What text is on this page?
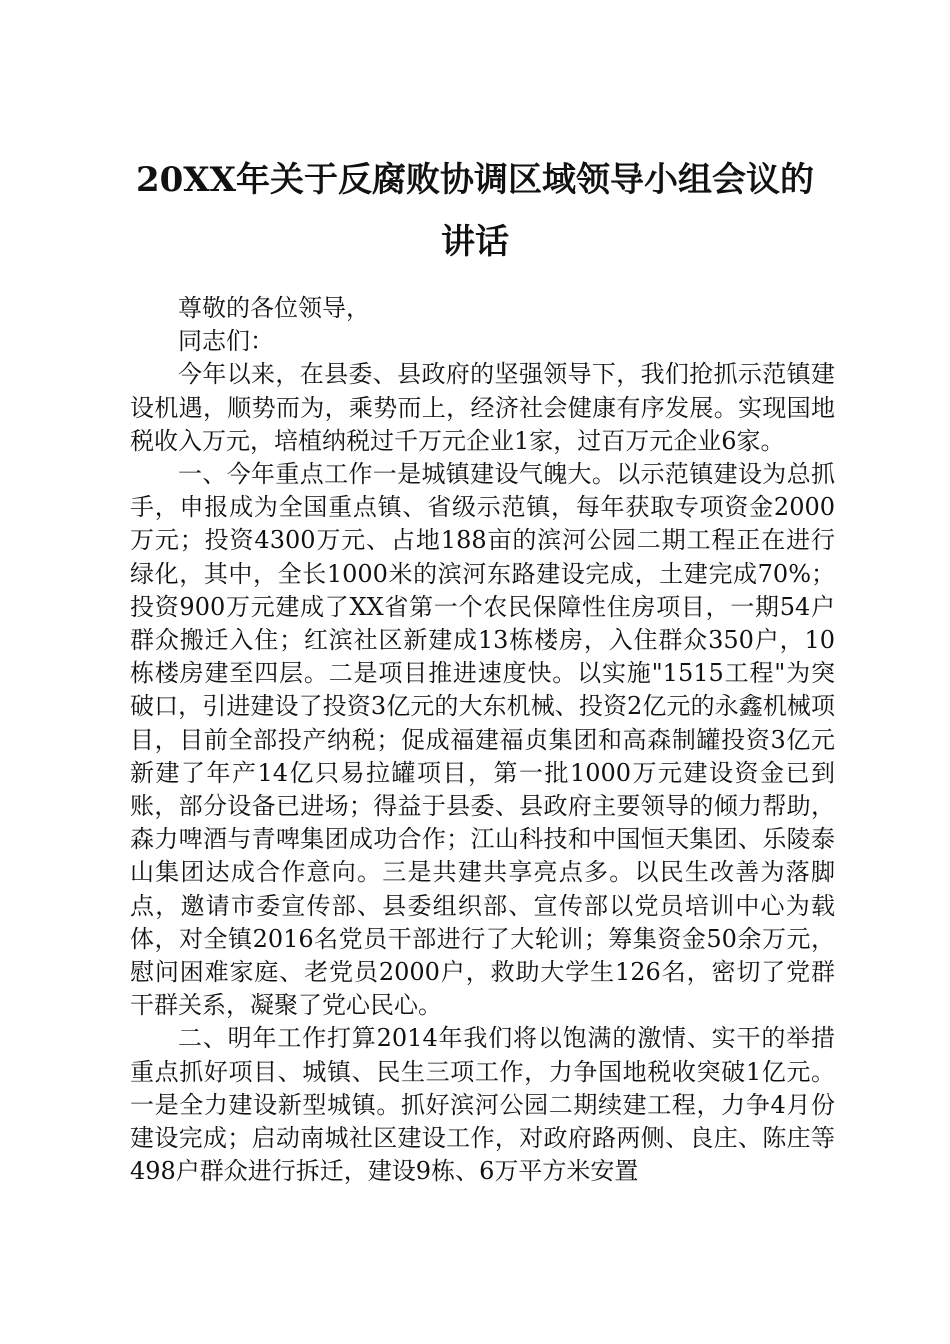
20XX年关于反腐败协调区域领导小组会议的
讲话

尊敬的各位领导，

同志们：

今年以来，在县委、县政府的坚强领导下，我们抢抓示范镇建设机遇，顺势而为，乘势而上，经济社会健康有序发展。实现国地税收入万元，培植纳税过千万元企业1家，过百万元企业6家。

一、今年重点工作一是城镇建设气魄大。以示范镇建设为总抓手，申报成为全国重点镇、省级示范镇，每年获取专项资金2000万元；投资4300万元、占地188亩的滨河公园二期工程正在进行绿化，其中，全长1000米的滨河东路建设完成，土建完成70%；投资900万元建成了XX省第一个农民保障性住房项目，一期54户群众搬迁入住；红滨社区新建成13栋楼房，入住群众350户，10栋楼房建至四层。二是项目推进速度快。以实施"1515工程"为突破口，引进建设了投资3亿元的大东机械、投资2亿元的永鑫机械项目，目前全部投产纳税；促成福建福贞集团和高森制罐投资3亿元新建了年产14亿只易拉罐项目，第一批1000万元建设资金已到账，部分设备已进场；得益于县委、县政府主要领导的倾力帮助，森力啤酒与青啤集团成功合作；江山科技和中国恒天集团、乐陵泰山集团达成合作意向。三是共建共享亮点多。以民生改善为落脚点，邀请市委宣传部、县委组织部、宣传部以党员培训中心为载体，对全镇2016名党员干部进行了大轮训；筹集资金50余万元，慰问困难家庭、老党员2000户，救助大学生126名，密切了党群干群关系，凝聚了党心民心。

二、明年工作打算2014年我们将以饱满的激情、实干的举措重点抓好项目、城镇、民生三项工作，力争国地税收突破1亿元。一是全力建设新型城镇。抓好滨河公园二期续建工程，力争4月份建设完成；启动南城社区建设工作，对政府路两侧、良庄、陈庄等498户群众进行拆迁，建设9栋、6万平方米安置
